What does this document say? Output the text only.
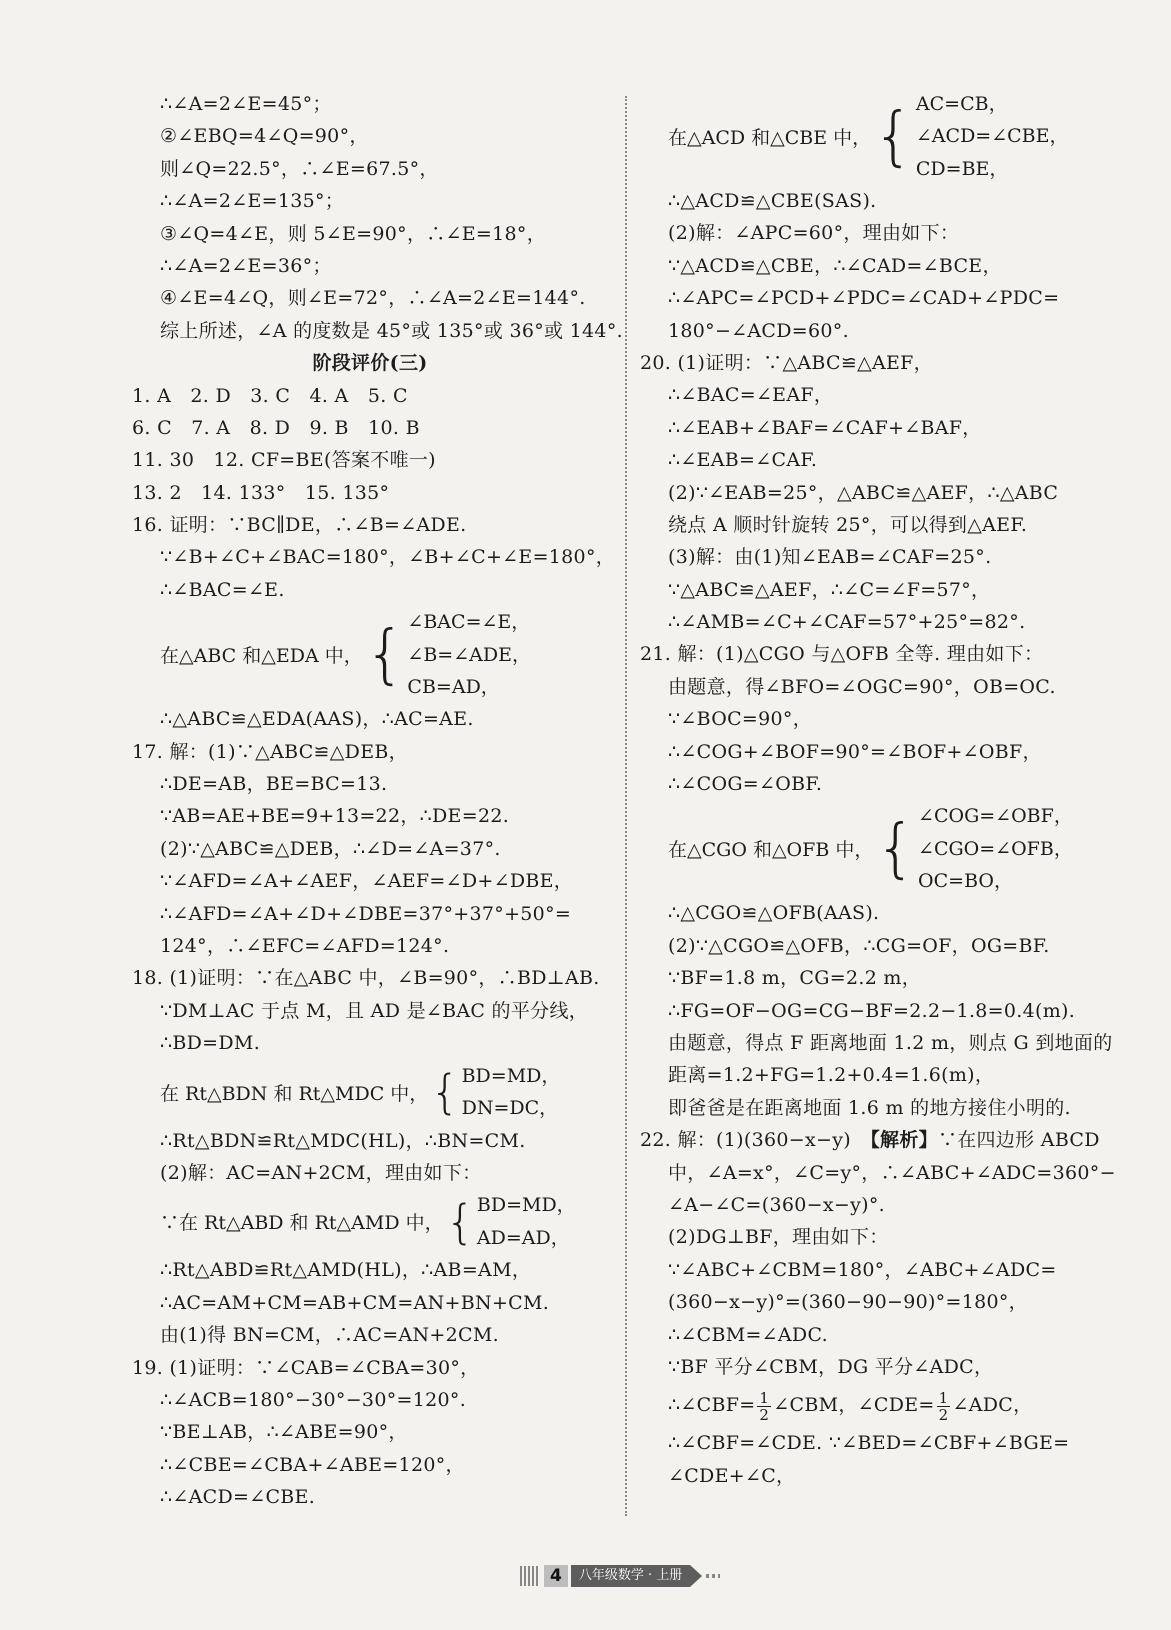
∴∠A=2∠E=45°；
②∠EBQ=4∠Q=90°，
则∠Q=22.5°，∴∠E=67.5°，
∴∠A=2∠E=135°；
③∠Q=4∠E，则 5∠E=90°，∴∠E=18°，
∴∠A=2∠E=36°；
④∠E=4∠Q，则∠E=72°，∴∠A=2∠E=144°.
综上所述，∠A 的度数是 45°或 135°或 36°或 144°.
阶段评价(三)
1. A　2. D　3. C　4. A　5. C
6. C　7. A　8. D　9. B　10. B
11. 30　12. CF=BE(答案不唯一)
13. 2　14. 133°　15. 135°
16. 证明：∵BC∥DE，∴∠B=∠ADE.
∵∠B+∠C+∠BAC=180°，∠B+∠C+∠E=180°，
∴∠BAC=∠E.
在△ABC 和△EDA 中， { ∠BAC=∠E，
∠B=∠ADE，
CB=AD，
∴△ABC≌△EDA(AAS)，∴AC=AE.
17. 解：(1)∵△ABC≌△DEB，
∴DE=AB，BE=BC=13.
∵AB=AE+BE=9+13=22，∴DE=22.
(2)∵△ABC≌△DEB，∴∠D=∠A=37°.
∵∠AFD=∠A+∠AEF，∠AEF=∠D+∠DBE，
∴∠AFD=∠A+∠D+∠DBE=37°+37°+50°=
124°，∴∠EFC=∠AFD=124°.
18. (1)证明：∵在△ABC 中，∠B=90°，∴BD⊥AB.
∵DM⊥AC 于点 M，且 AD 是∠BAC 的平分线，
∴BD=DM.
在 Rt△BDN 和 Rt△MDC 中， { BD=MD，
DN=DC，
∴Rt△BDN≌Rt△MDC(HL)，∴BN=CM.
(2)解：AC=AN+2CM，理由如下：
∵在 Rt△ABD 和 Rt△AMD 中， { BD=MD，
AD=AD，
∴Rt△ABD≌Rt△AMD(HL)，∴AB=AM，
∴AC=AM+CM=AB+CM=AN+BN+CM.
由(1)得 BN=CM，∴AC=AN+2CM.
19. (1)证明：∵∠CAB=∠CBA=30°，
∴∠ACB=180°−30°−30°=120°.
∵BE⊥AB，∴∠ABE=90°，
∴∠CBE=∠CBA+∠ABE=120°，
∴∠ACD=∠CBE.
在△ACD 和△CBE 中， { AC=CB，
∠ACD=∠CBE，
CD=BE，
∴△ACD≌△CBE(SAS).
(2)解：∠APC=60°，理由如下：
∵△ACD≌△CBE，∴∠CAD=∠BCE，
∴∠APC=∠PCD+∠PDC=∠CAD+∠PDC=
180°−∠ACD=60°.
20. (1)证明：∵△ABC≌△AEF，
∴∠BAC=∠EAF，
∴∠EAB+∠BAF=∠CAF+∠BAF，
∴∠EAB=∠CAF.
(2)∵∠EAB=25°，△ABC≌△AEF，∴△ABC
绕点 A 顺时针旋转 25°，可以得到△AEF.
(3)解：由(1)知∠EAB=∠CAF=25°.
∵△ABC≌△AEF，∴∠C=∠F=57°，
∴∠AMB=∠C+∠CAF=57°+25°=82°.
21. 解：(1)△CGO 与△OFB 全等. 理由如下：
由题意，得∠BFO=∠OGC=90°，OB=OC.
∵∠BOC=90°，
∴∠COG+∠BOF=90°=∠BOF+∠OBF，
∴∠COG=∠OBF.
在△CGO 和△OFB 中， { ∠COG=∠OBF，
∠CGO=∠OFB，
OC=BO，
∴△CGO≌△OFB(AAS).
(2)∵△CGO≌△OFB，∴CG=OF，OG=BF.
∵BF=1.8 m，CG=2.2 m，
∴FG=OF−OG=CG−BF=2.2−1.8=0.4(m).
由题意，得点 F 距离地面 1.2 m，则点 G 到地面的
距离=1.2+FG=1.2+0.4=1.6(m)，
即爸爸是在距离地面 1.6 m 的地方接住小明的.
22. 解：(1)(360−x−y)　【解析】∵在四边形 ABCD
中，∠A=x°，∠C=y°，∴∠ABC+∠ADC=360°−
∠A−∠C=(360−x−y)°.
(2)DG⊥BF，理由如下：
∵∠ABC+∠CBM=180°，∠ABC+∠ADC=
(360−x−y)°=(360−90−90)°=180°，
∴∠CBM=∠ADC.
∵BF 平分∠CBM，DG 平分∠ADC，
∴∠CBF= $\frac{1}{2}$ ∠CBM，∠CDE= $\frac{1}{2}$ ∠ADC，
∴∠CBF=∠CDE. ∵∠BED=∠CBF+∠BGE=
∠CDE+∠C，
4	八年级数学 · 上册
